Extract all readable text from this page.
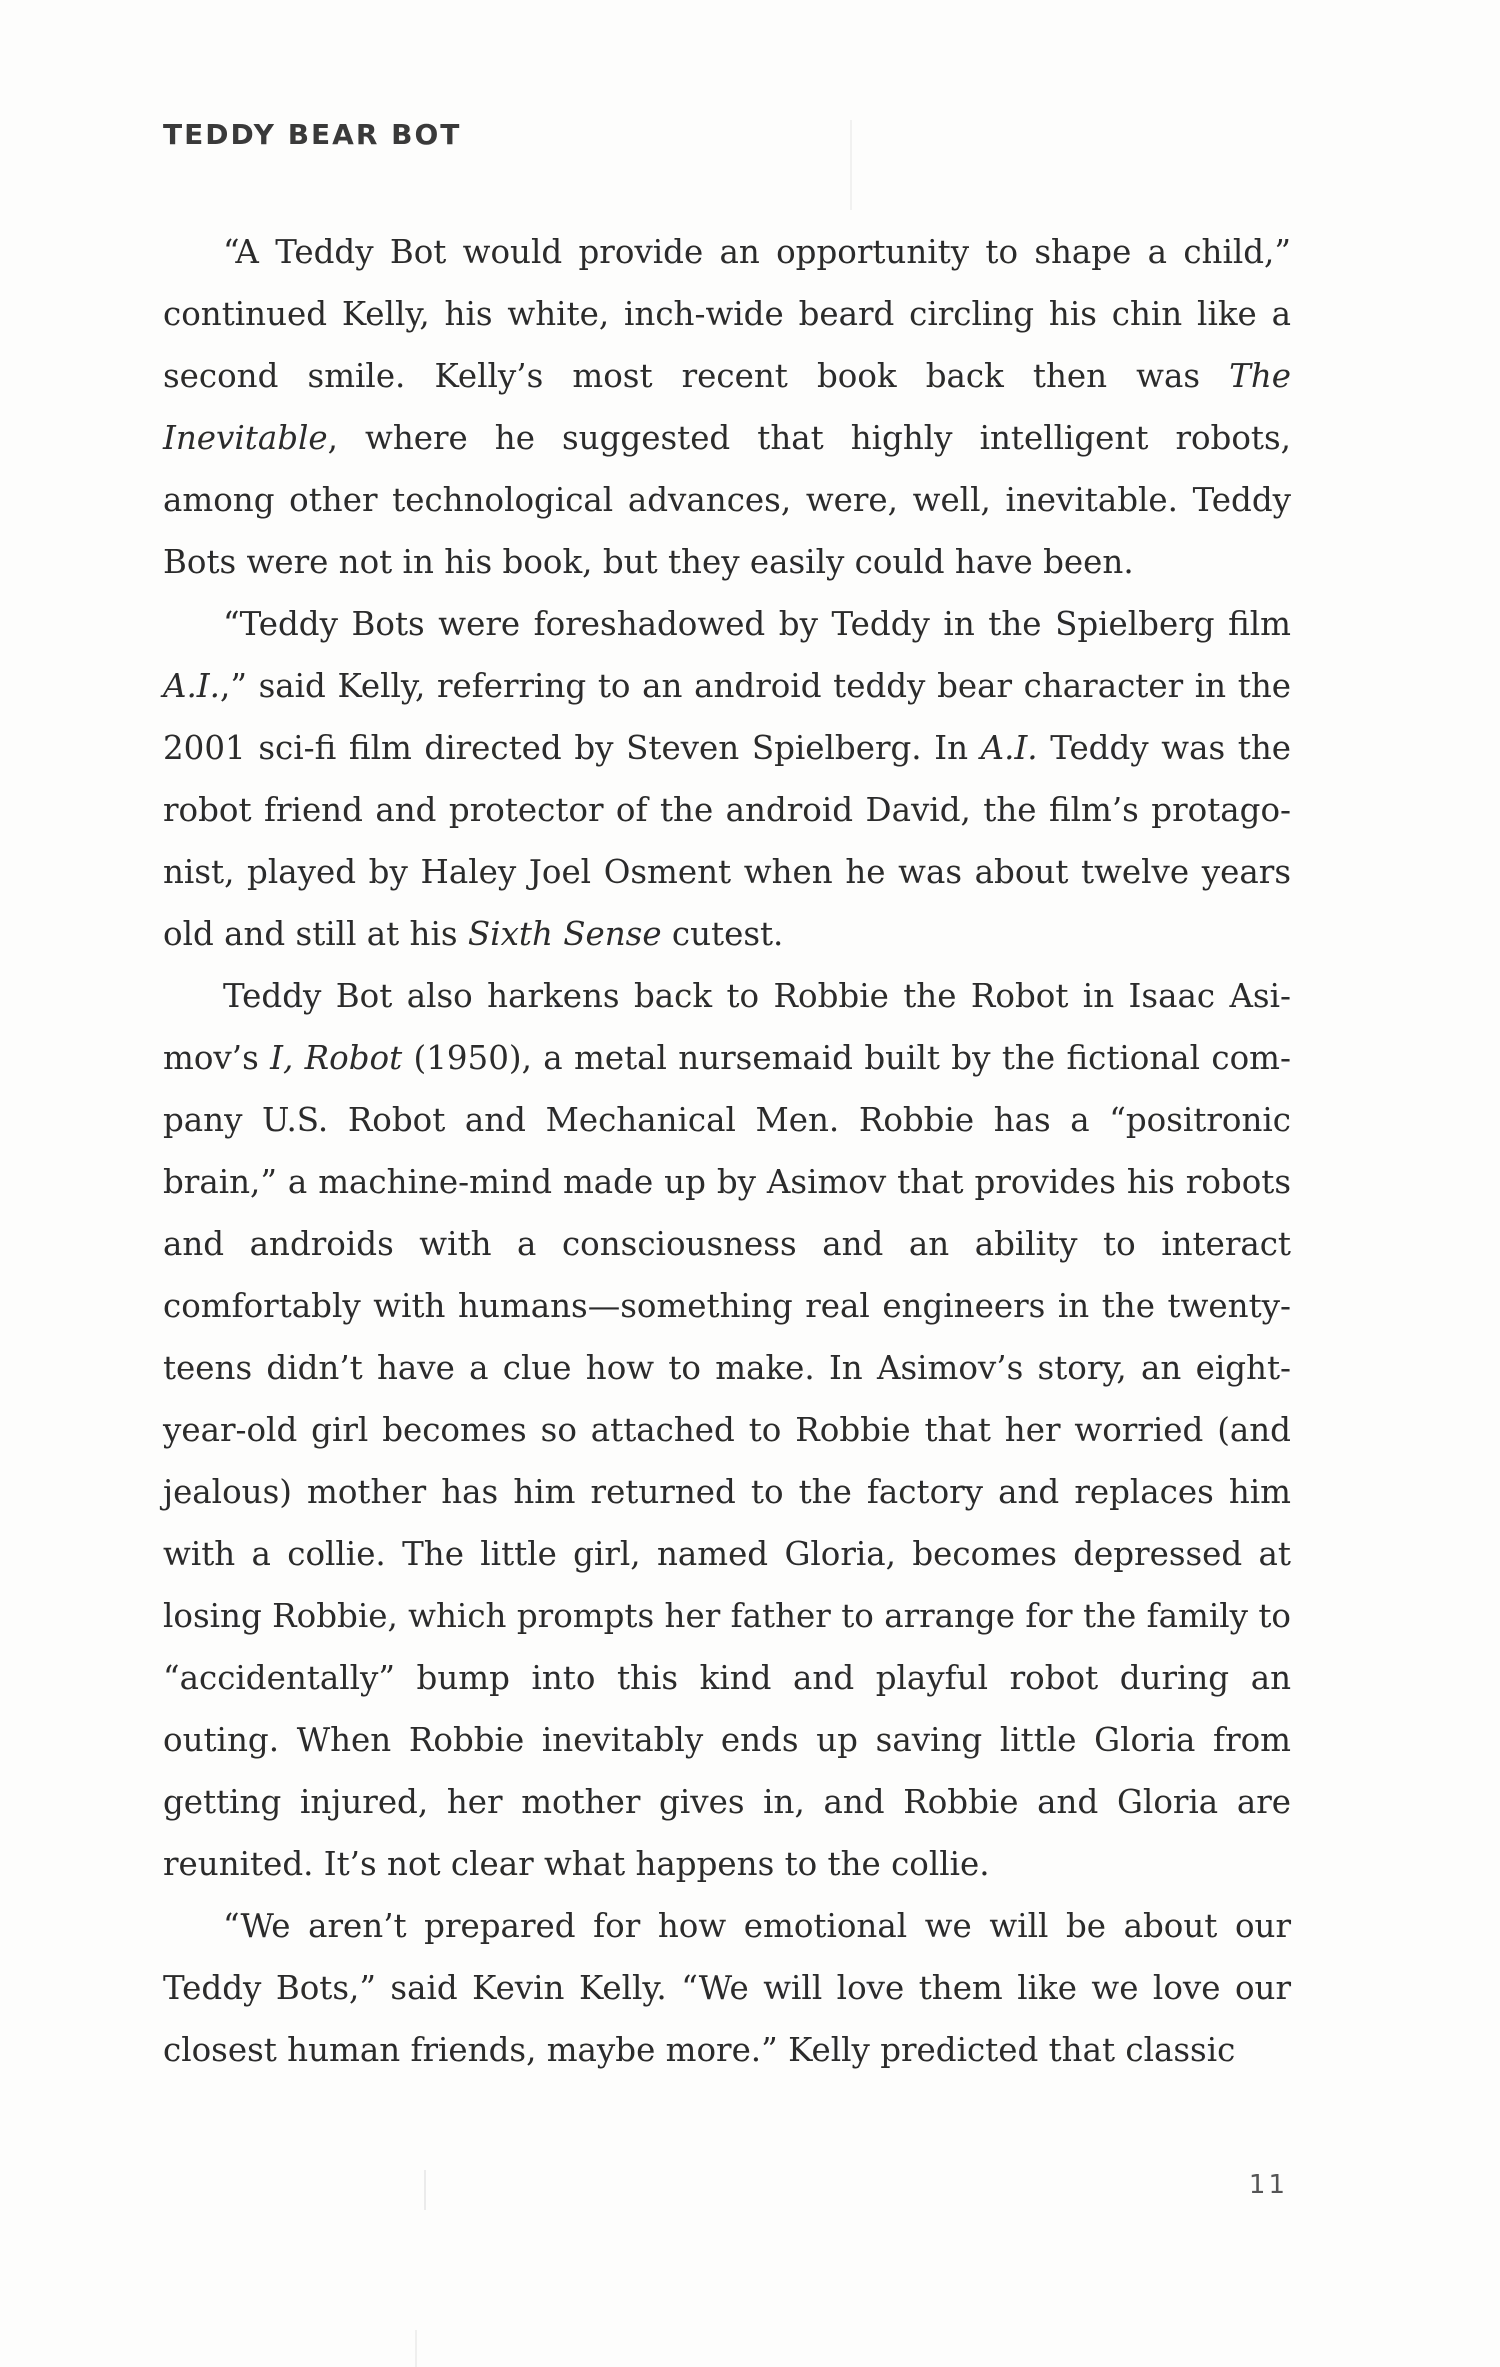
TEDDY BEAR BOT

“A Teddy Bot would provide an opportunity to shape a child,” continued Kelly, his white, inch-wide beard circling his chin like a second smile. Kelly’s most recent book back then was The Inevitable, where he suggested that highly intelligent robots, among other technological advances, were, well, inevitable. Teddy Bots were not in his book, but they easily could have been.

“Teddy Bots were foreshadowed by Teddy in the Spielberg film A.I.,” said Kelly, referring to an android teddy bear character in the 2001 sci-fi film directed by Steven Spielberg. In A.I. Teddy was the robot friend and protector of the android David, the film’s protagonist, played by Haley Joel Osment when he was about twelve years old and still at his Sixth Sense cutest.

Teddy Bot also harkens back to Robbie the Robot in Isaac Asimov’s I, Robot (1950), a metal nursemaid built by the fictional company U.S. Robot and Mechanical Men. Robbie has a “positronic brain,” a machine-mind made up by Asimov that provides his robots and androids with a consciousness and an ability to interact comfortably with humans—something real engineers in the twenty-teens didn’t have a clue how to make. In Asimov’s story, an eight-year-old girl becomes so attached to Robbie that her worried (and jealous) mother has him returned to the factory and replaces him with a collie. The little girl, named Gloria, becomes depressed at losing Robbie, which prompts her father to arrange for the family to “accidentally” bump into this kind and playful robot during an outing. When Robbie inevitably ends up saving little Gloria from getting injured, her mother gives in, and Robbie and Gloria are reunited. It’s not clear what happens to the collie.

“We aren’t prepared for how emotional we will be about our Teddy Bots,” said Kevin Kelly. “We will love them like we love our closest human friends, maybe more.” Kelly predicted that classic

11
